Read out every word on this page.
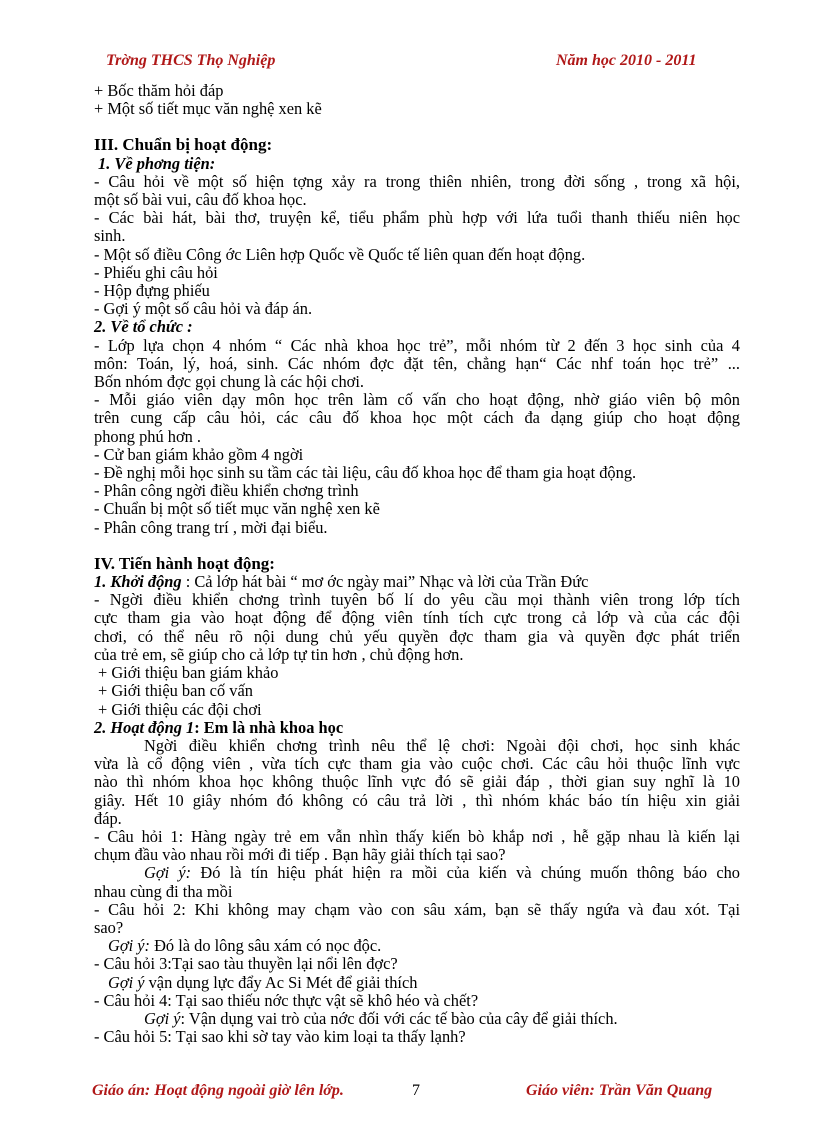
Trờng THCS Thọ Nghiệp	Năm học 2010 - 2011
+ Bốc thăm hỏi đáp
+ Một số tiết mục văn nghệ xen kẽ
III. Chuẩn bị hoạt động:
1. Về phơng tiện:
- Câu hỏi về một số hiện tợng xảy ra trong thiên nhiên, trong đời sống , trong xã hội,
một số bài vui, câu đố khoa học.
- Các bài hát, bài thơ, truyện kể, tiểu phẩm phù hợp với lứa tuổi thanh thiếu niên học
sinh.
- Một số điều Công ớc Liên hợp Quốc về Quốc tế liên quan đến hoạt động.
- Phiếu ghi câu hỏi
- Hộp đựng phiếu
- Gợi ý một số câu hỏi và đáp án.
2. Về tổ chức :
- Lớp lựa chọn 4 nhóm “ Các nhà khoa học trẻ”, mỗi nhóm từ 2 đến 3 học sinh của 4
môn: Toán, lý, hoá, sinh. Các nhóm đợc đặt tên, chẳng hạn“ Các nhf toán học trẻ” ...
Bốn nhóm đợc gọi chung là các hội chơi.
- Mỗi giáo viên dạy môn học trên làm cố vấn cho hoạt động, nhờ giáo viên bộ môn
trên cung cấp câu hỏi, các câu đố khoa học một cách đa dạng giúp cho hoạt động
phong phú hơn .
- Cử ban giám khảo gồm 4 ngời
- Đề nghị mỗi học sinh su tầm các tài liệu, câu đố khoa học để tham gia hoạt động.
- Phân công ngời điều khiển chơng trình
- Chuẩn bị một số tiết mục văn nghệ xen kẽ
- Phân công trang trí , mời đại biểu.
IV. Tiến hành hoạt động:
1. Khởi động : Cả lớp hát bài “ mơ ớc ngày mai” Nhạc và lời của Trần Đức
- Ngời điều khiển chơng trình tuyên bố lí do yêu cầu mọi thành viên trong lớp tích
cực tham gia vào hoạt động để động viên tính tích cực trong cả lớp và của các đội
chơi, có thể nêu rõ nội dung chủ yếu quyền đợc tham gia và quyền đợc phát triển
của trẻ em, sẽ giúp cho cả lớp tự tin hơn , chủ động hơn.
+ Giới thiệu ban giám khảo
+ Giới thiệu ban cố vấn
+ Giới thiệu các đội chơi
2. Hoạt động 1: Em là nhà khoa học
Ngời điều khiển chơng trình nêu thể lệ chơi: Ngoài đội chơi, học sinh khác
vừa là cổ động viên , vừa tích cực tham gia vào cuộc chơi. Các câu hỏi thuộc lĩnh vực
nào thì nhóm khoa học không thuộc lĩnh vực đó sẽ giải đáp , thời gian suy nghĩ là 10
giây. Hết 10 giây nhóm đó không có câu trả lời , thì nhóm khác báo tín hiệu xin giải
đáp.
- Câu hỏi 1: Hàng ngày trẻ em vẫn nhìn thấy kiến bò khắp nơi , hễ gặp nhau là kiến lại
chụm đầu vào nhau rồi mới đi tiếp . Bạn hãy giải thích tại sao?
Gợi ý: Đó là tín hiệu phát hiện ra mồi của kiến và chúng muốn thông báo cho
nhau cùng đi tha mồi
- Câu hỏi 2: Khi không may chạm vào con sâu xám, bạn sẽ thấy ngứa và đau xót. Tại
sao?
Gợi ý: Đó là do lông sâu xám có nọc độc.
- Câu hỏi 3:Tại sao tàu thuyền lại nổi lên đợc?
Gợi ý vận dụng lực đẩy Ac Si Mét để giải thích
- Câu hỏi 4: Tại sao thiếu nớc thực vật sẽ khô héo và chết?
Gợi ý: Vận dụng vai trò của nớc đối với các tế bào của cây để giải thích.
- Câu hỏi 5: Tại sao khi sờ tay vào kim loại ta thấy lạnh?
Giáo án: Hoạt động ngoài giờ lên lớp.	7	Giáo viên: Trần Văn Quang
